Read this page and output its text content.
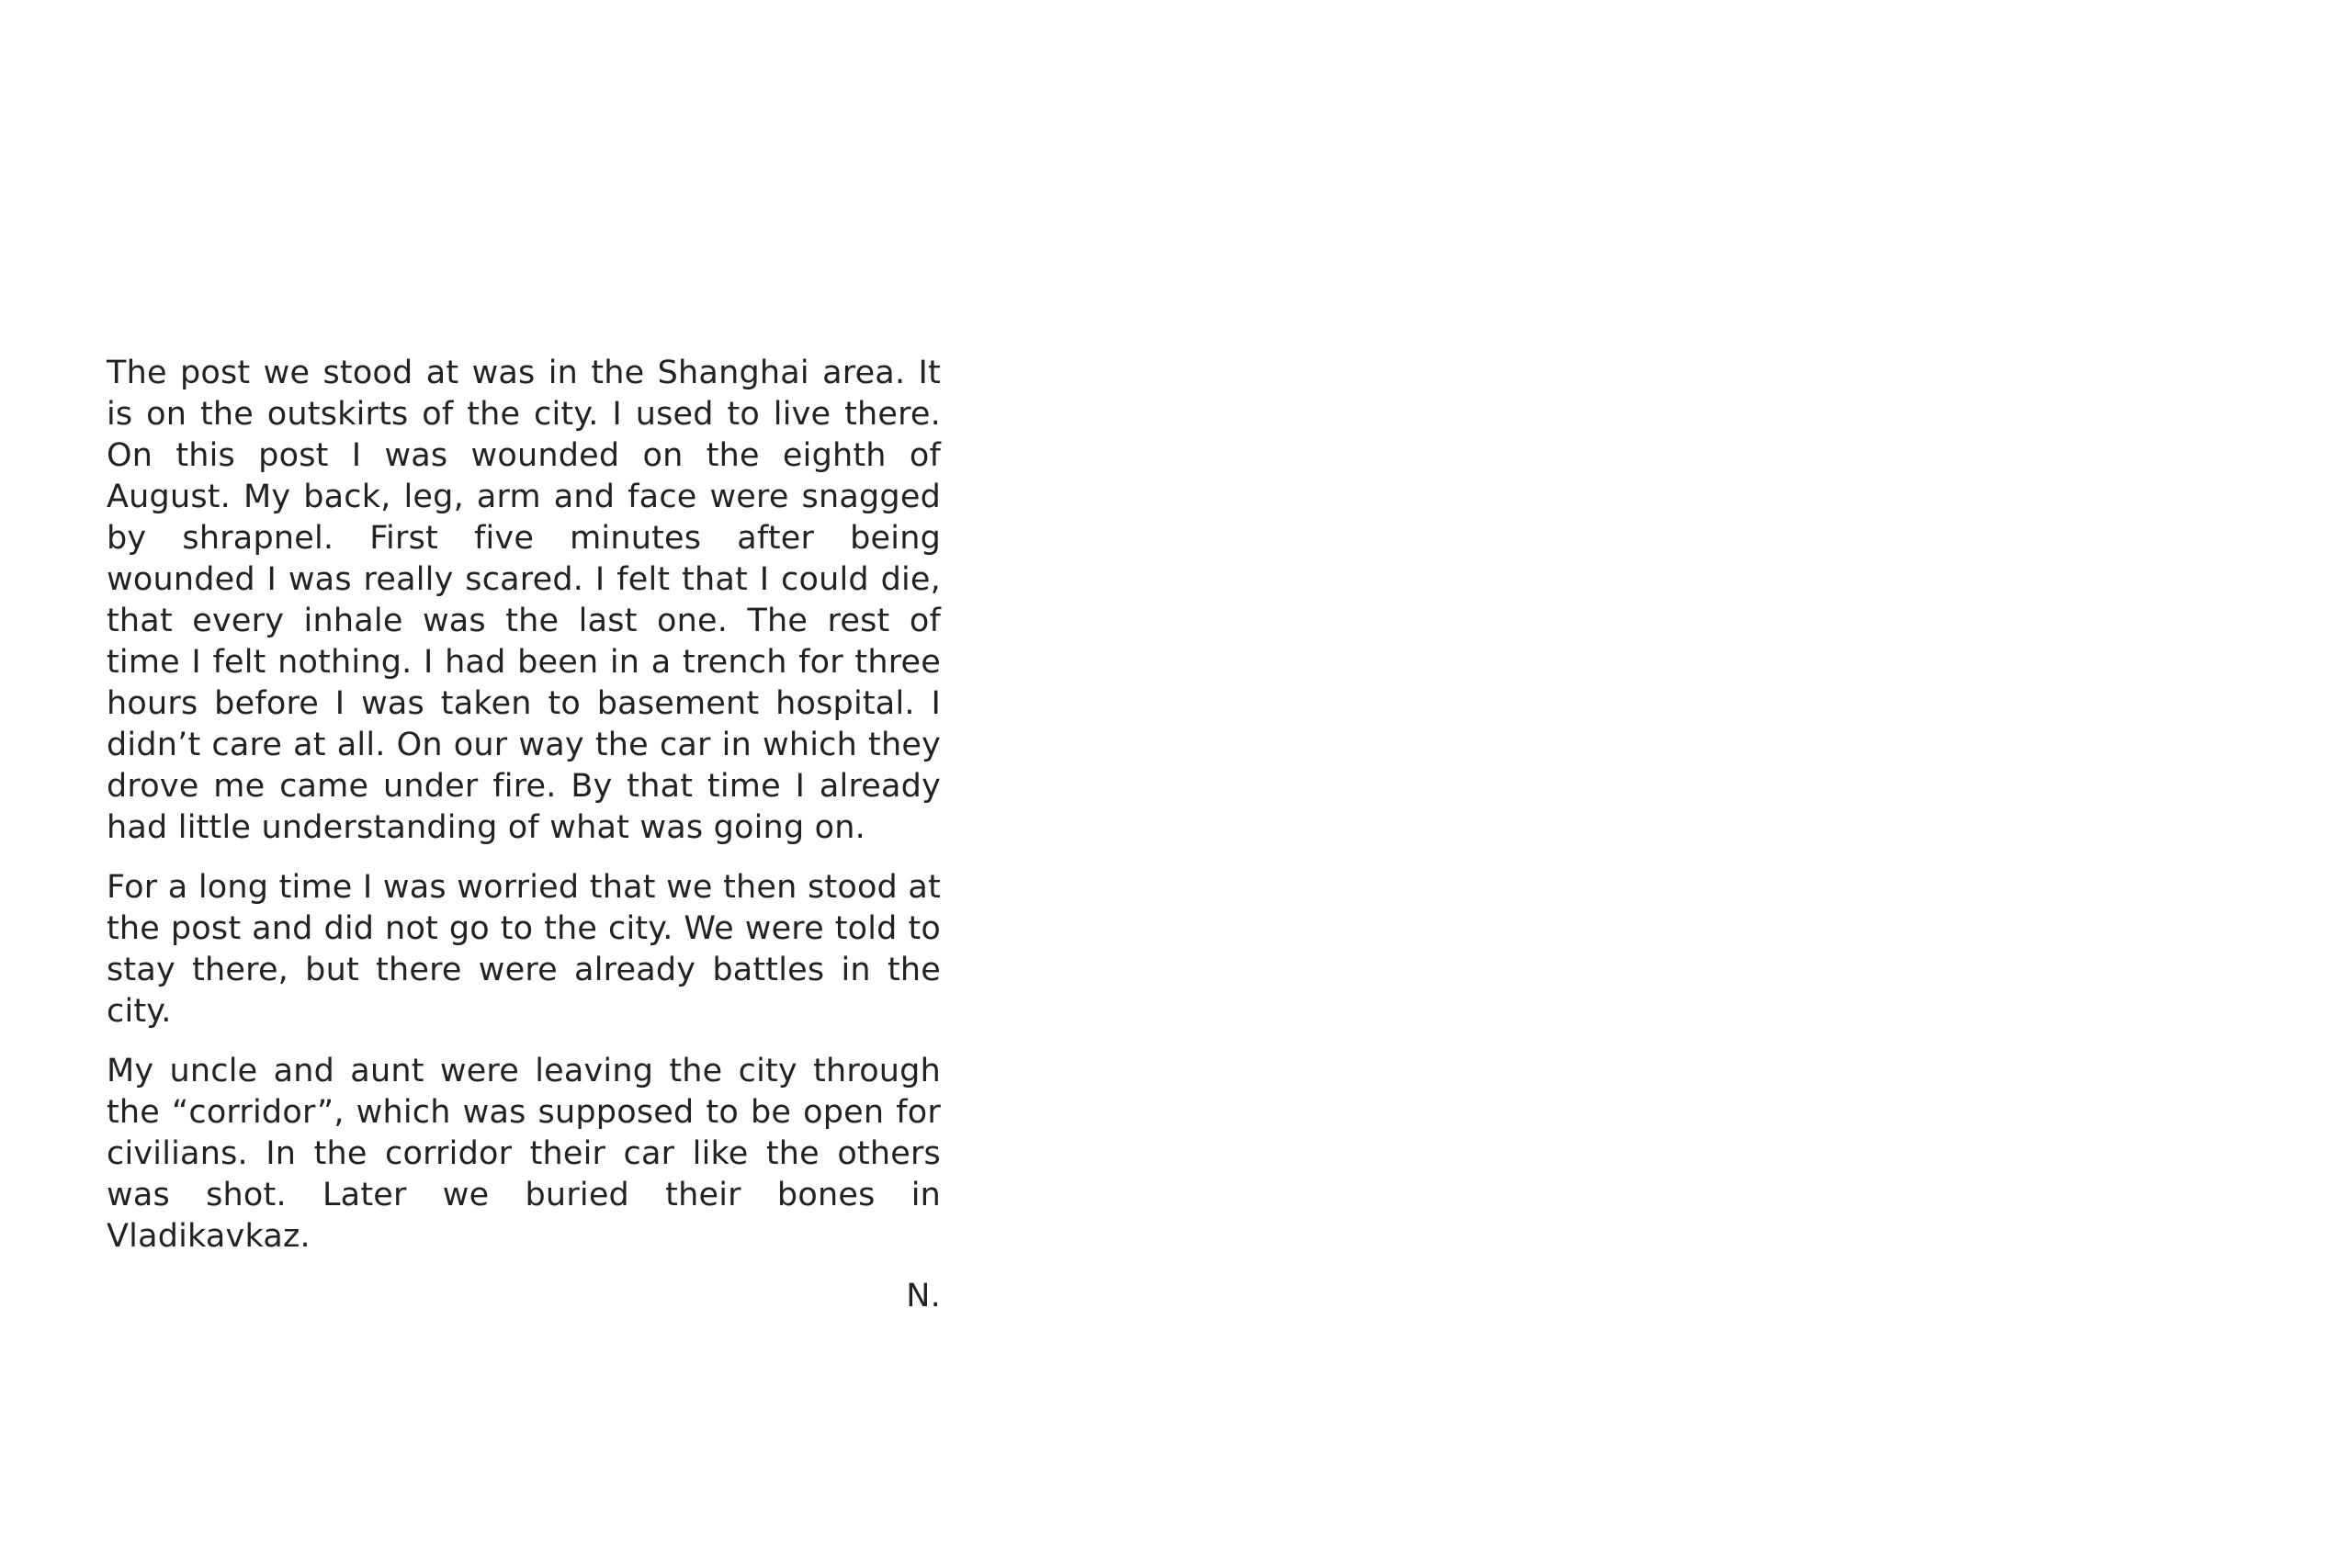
The post we stood at was in the Shanghai area. It is on the outskirts of the city. I used to live there. On this post I was wounded on the eighth of August. My back, leg, arm and face were snagged by shrapnel. First five minutes after being wounded I was really scared. I felt that I could die, that every inhale was the last one. The rest of time I felt nothing. I had been in a trench for three hours before I was taken to basement hospital. I didn’t care at all. On our way the car in which they drove me came under fire. By that time I already had little understanding of what was going on.

For a long time I was worried that we then stood at the post and did not go to the city. We were told to stay there, but there were already battles in the city.

My uncle and aunt were leaving the city through the “corridor”, which was supposed to be open for civilians. In the corridor their car like the others was shot. Later we buried their bones in Vladikavkaz.

N.
